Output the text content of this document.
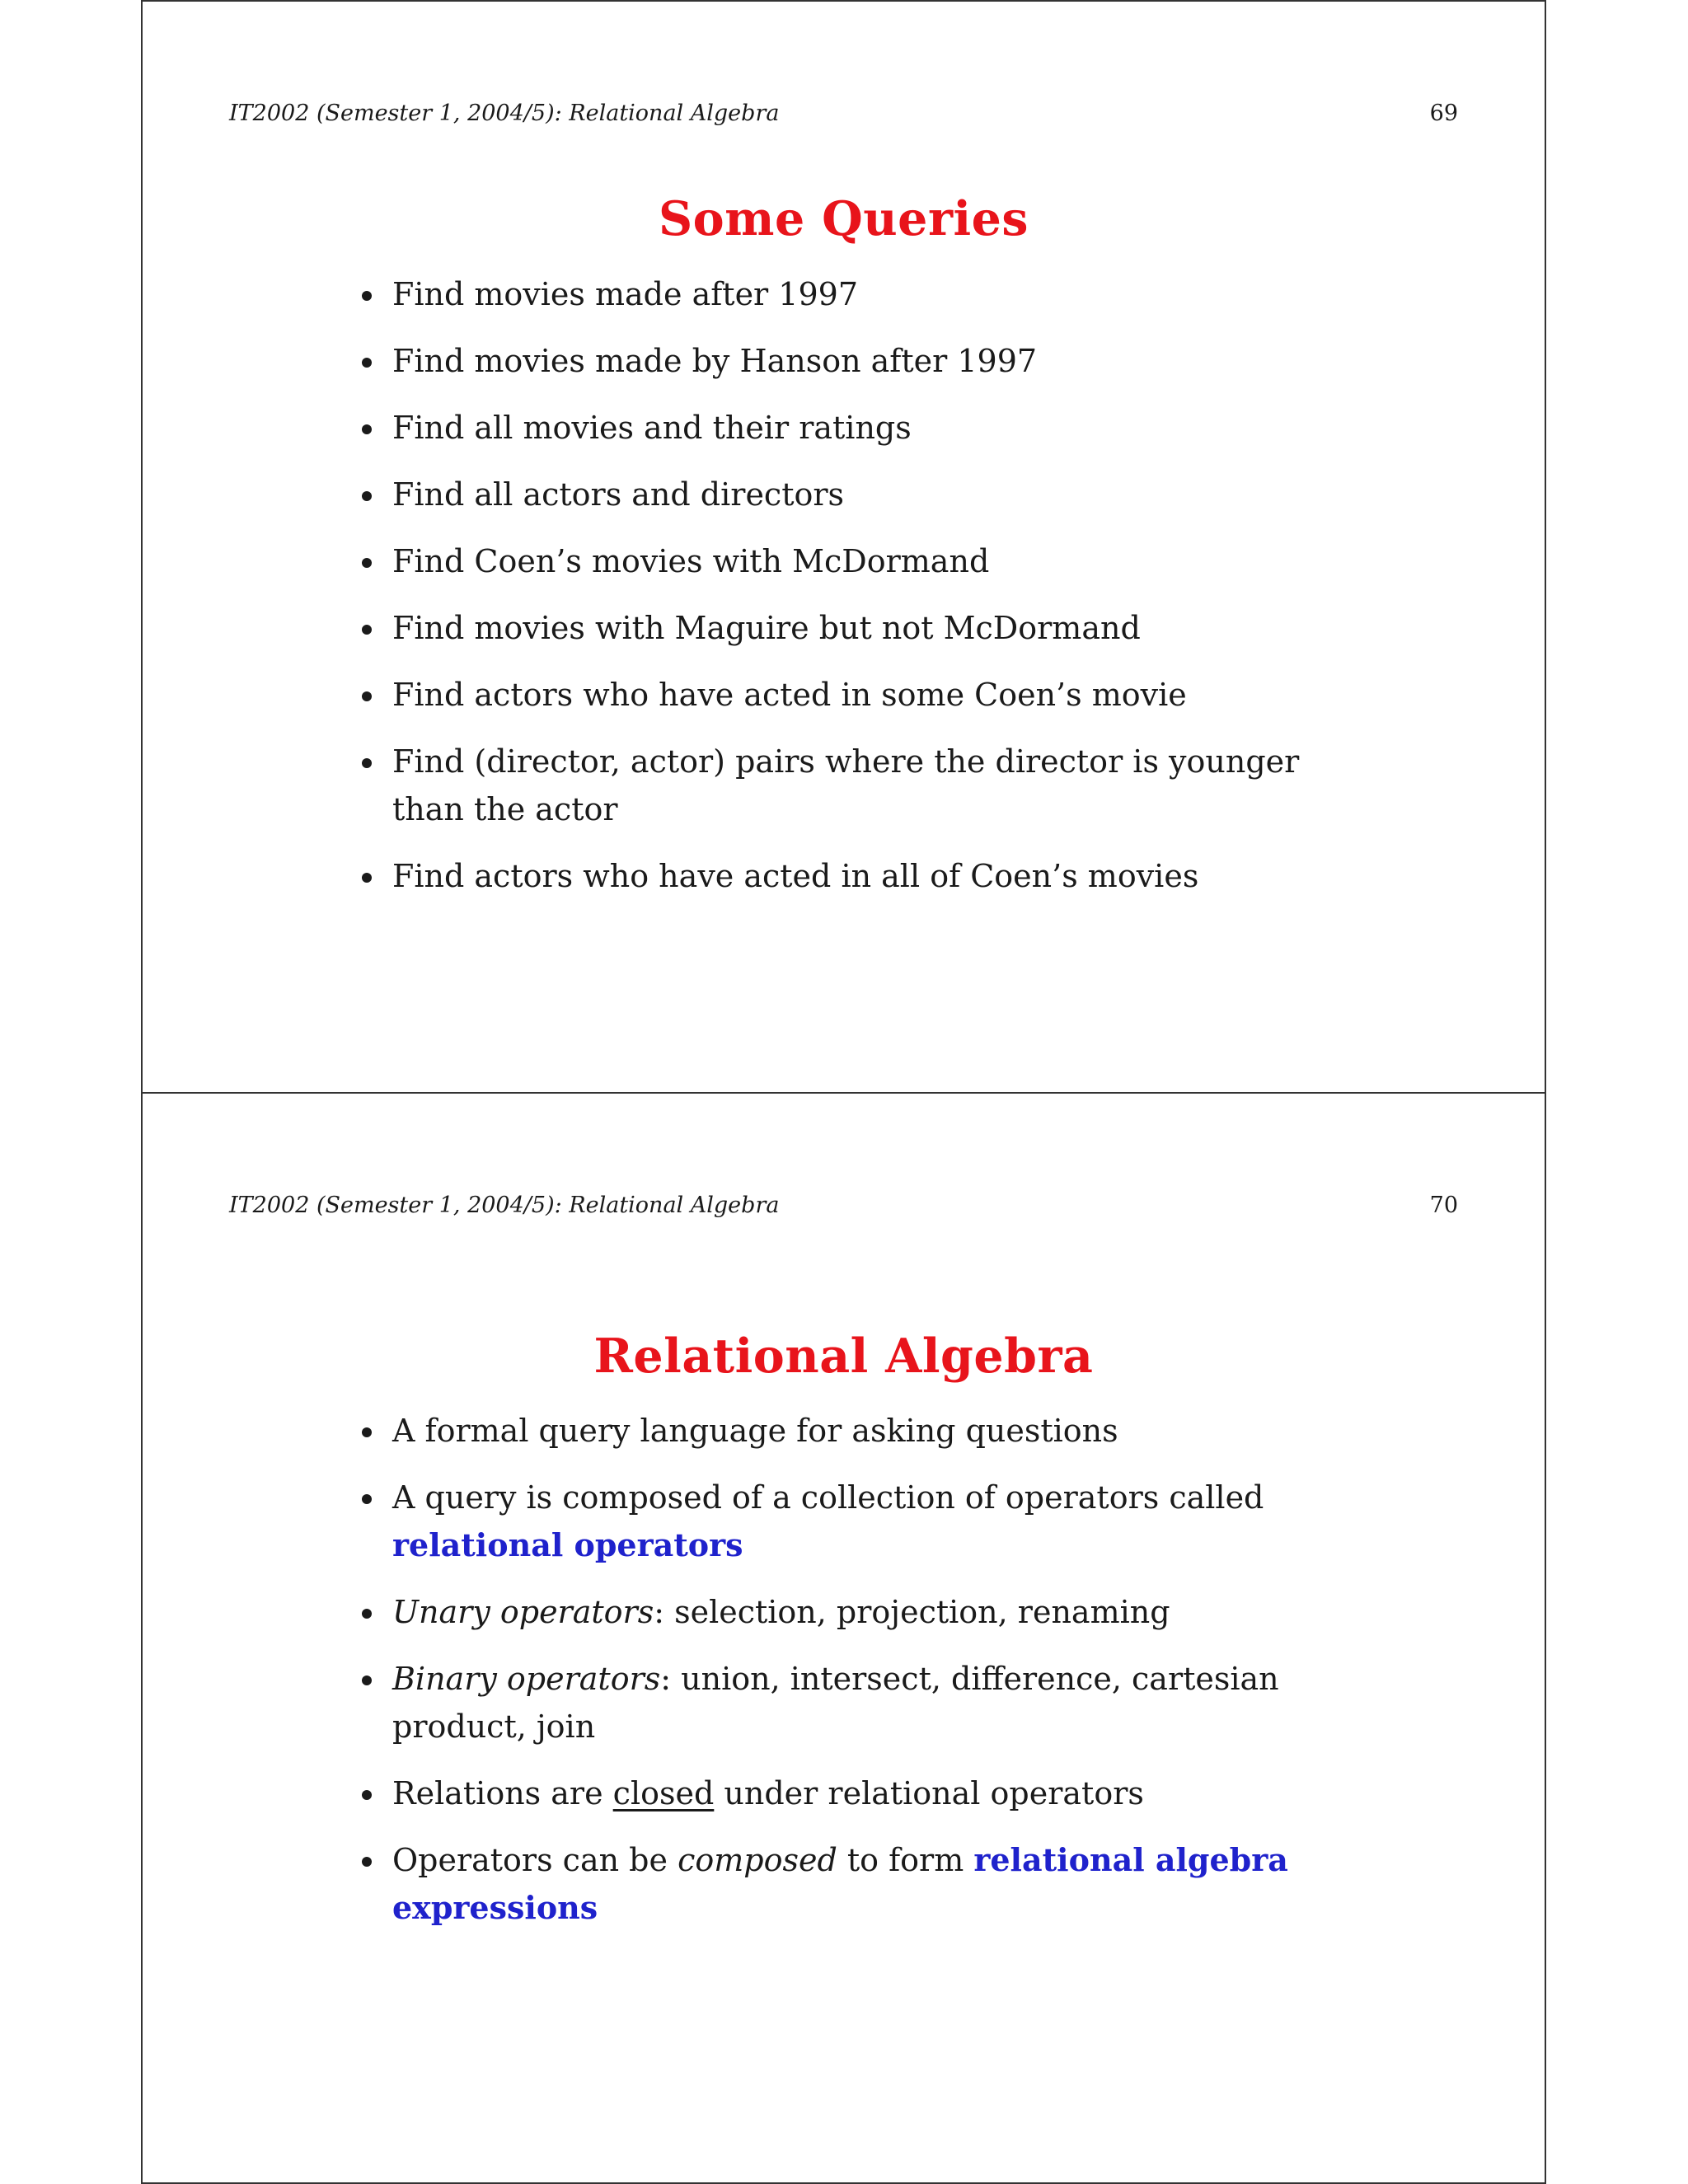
IT2002 (Semester 1, 2004/5): Relational Algebra	69
Some Queries
Find movies made after 1997
Find movies made by Hanson after 1997
Find all movies and their ratings
Find all actors and directors
Find Coen’s movies with McDormand
Find movies with Maguire but not McDormand
Find actors who have acted in some Coen’s movie
Find (director, actor) pairs where the director is younger than the actor
Find actors who have acted in all of Coen’s movies
IT2002 (Semester 1, 2004/5): Relational Algebra	70
Relational Algebra
A formal query language for asking questions
A query is composed of a collection of operators called relational operators
Unary operators: selection, projection, renaming
Binary operators: union, intersect, difference, cartesian product, join
Relations are closed under relational operators
Operators can be composed to form relational algebra expressions
